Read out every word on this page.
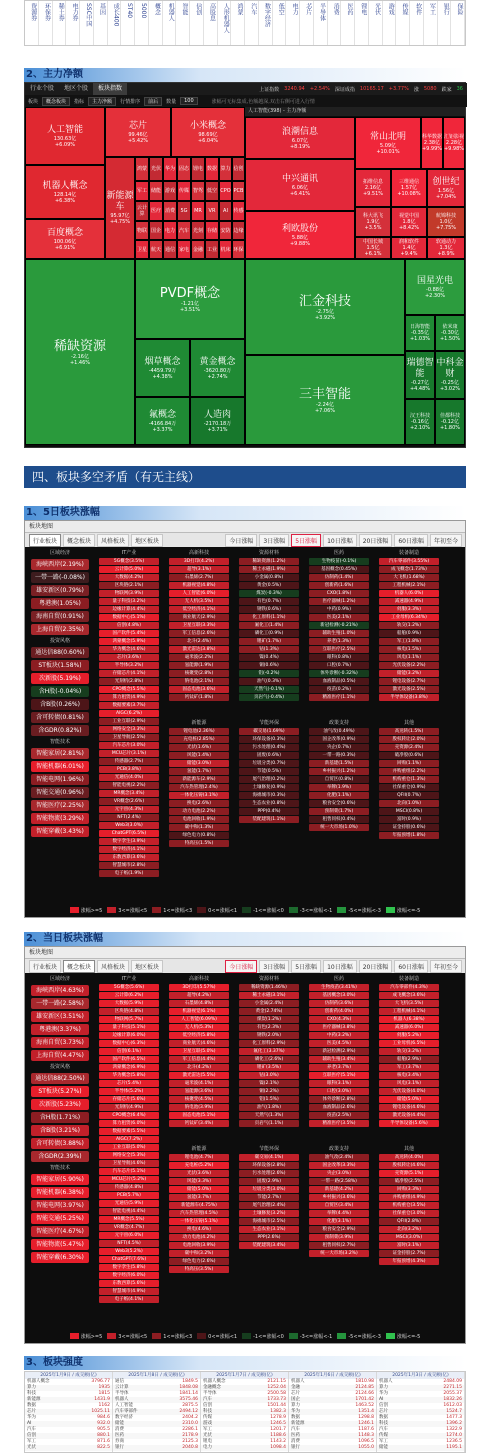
资源券	环保券	稀土券	电力券	SSC中国	基因	成长400	ST40	5000	概念	机器人	智能	信创	高股息	人形机器人	鸿蒙	汽车	数字经济	低空	电力	芯片	半导体	消费	医药	锂电	光伏	游戏	传媒	软件	军工	银行	保险
2、主力净额
行业个股	地区个股	板块指数	上证指数 3240.94 +2.54% 深证成指 10165.17 +3.77% 涨 5080 跌家 36
板块	概念板块	指标	主力净额	行情排序	前后	数量	100	涨幅可无标集成,色额越深,双击右侧可进入行情
人工智能(398) - 主力净额
人工智能
130.63亿
+6.09%
芯片
99.46亿
+5.42%
小米概念
98.69亿
+6.04%
机器人概念
128.14亿
+6.38%
百度概念
100.06亿
+6.91%
新能源车
95.97亿
+4.75%
浪潮信息
6.07亿
+8.19%
常山北明
5.09亿
+10.01%
科华数据
2.38亿
+9.99%
汇钜影视
2.28亿
+9.98%
中兴通讯
6.06亿
+6.41%
拓维信息
2.16亿
+9.51%
三维通信
1.57亿
+10.08%
创世纪
1.56亿
+7.04%
利欧股份
5.88亿
+9.88%
科大讯飞
1.9亿
+3.5%
视觉中国
1.8亿
+8.42%
航锦科技
1.0亿
+7.75%
中国长城
1.5亿
+6.1%
润和软件
1.4亿
+9.4%
软通动力
1.3亿
+8.9%
稀缺资源
-2.16亿
+1.46%
PVDF概念
-1.21亿
+3.51%
烟草概念
-4459.79万
+4.38%
黄金概念
-3620.80万
+2.74%
氟概念
-4166.84万
+3.37%
人造肉
-2170.18万
+3.71%
汇金科技
-2.75亿
+3.92%
三丰智能
-2.24亿
+7.06%
国星光电
-0.88亿
+2.30%
日海智能
-0.35亿
+1.03%
依米康
-0.30亿
+1.50%
瑞德智能
-0.27亿
+4.48%
中科金财
-0.25亿
+3.02%
汉王科技
-0.16亿
+2.10%
佳都科技
-0.12亿
+1.80%
鸿蒙 光伏 华为 固态 锂电 数据 算力 信创
军工 储能 游戏 传媒 智驾 低空 CPO PCB
云计算	医疗 消费 5G MR VR AI 传感
物联 国企 电力 汽车 光刻 存储 安防 边缘
卫星 航天 通信 家电 金融 工业 机床 环保
四、板块多空矛盾（有无主线）
1、5日板块涨幅
板块地图
行业板块	概念板块	风格板块	地区板块	今日涨幅	3日涨幅	5日涨幅	10日涨幅	20日涨幅	60日涨幅	年初至今
区域经济
海峡西岸(2.19%)
一带一路(-0.08%)
雄安新区(0.79%)
粤港澳(1.05%)
海南自贸(0.91%)
上海自贸(2.35%)
投资风格
通达信88(0.60%)
ST板块(1.58%)
次新股(5.19%)
含H股(-0.04%)
含B股(0.26%)
含可转债(0.81%)
含GDR(0.82%)
智能技术
智能家居(2.81%)
智能机器(6.01%)
智能电网(1.96%)
智能交通(0.96%)
智能医疗(2.25%)
智能物流(3.29%)
智能穿戴(3.43%)
IT产业
5G概念(3.5%)
云计算(5.0%)
大数据(4.2%)
区块链(2.1%)
物联网(3.9%)
量子科技(3.2%)
边缘计算(4.4%)
数据中心(5.1%)
信创(4.8%)
国产软件(5.4%)
鸿蒙概念(5.9%)
华为概念(4.6%)
芯片(3.6%)
半导体(3.2%)
存储芯片(4.1%)
光刻机(2.8%)
CPO概念(5.5%)
算力租赁(4.9%)
数据要素(3.7%)
AIGC(6.2%)
工业互联(2.9%)
网络安全(3.3%)
卫星导航(2.5%)
汽车芯片(3.0%)
MCU芯片(3.1%)
传感器(2.7%)
PCB(3.8%)
光通信(4.0%)
智能电视(2.2%)
MR概念(3.4%)
VR概念(2.6%)
元宇宙(4.3%)
NFT(2.4%)
Web3(3.0%)
ChatGPT(6.5%)
数字孪生(3.9%)
数字经济(4.1%)
东数西算(3.6%)
智慧城市(2.8%)
电子纸(1.9%)
高新科技
3D打印(4.2%)
超导(3.1%)
石墨烯(2.7%)
机器视觉(4.8%)
人工智能(6.0%)
无人机(3.5%)
低空经济(4.1%)
商业航天(2.9%)
卫星互联(3.3%)
军工信息(2.6%)
北斗(2.4%)
激光雷达(3.8%)
毫米波(2.2%)
氢能源(1.9%)
核聚变(2.8%)
钠电池(2.1%)
固态电池(3.6%)
钙钛矿(1.8%)
新能源
锂电池(2.36%)
充电桩(2.85%)
光伏(1.6%)
风能(1.4%)
储能(3.0%)
氢能(1.7%)
新能源车(2.9%)
汽车热管理(2.4%)
一体化压铸(3.1%)
换电(2.6%)
动力电池(2.2%)
电池回收(1.9%)
碳中和(1.3%)
绿色电力(0.8%)
特高压(1.5%)
资源材料
稀缺资源(1.2%)
稀土永磁(1.9%)
小金属(0.8%)
黄金(0.5%)
煤炭(-0.3%)
有色(0.7%)
钢铁(0.6%)
化工原料(1.1%)
氟化工(1.4%)
磷化工(0.9%)
锂矿(1.7%)
钴(1.3%)
镍(0.4%)
铜(0.6%)
铝(-0.2%)
油气(0.3%)
天然气(-0.1%)
页岩气(-0.4%)
节能环保
碳交易(1.69%)
环保设备(0.3%)
污水处理(0.4%)
固废(0.6%)
垃圾分类(0.7%)
节能(0.5%)
尾气治理(0.2%)
土壤修复(0.9%)
海绵城市(0.3%)
生态农业(0.8%)
PPP(0.4%)
装配建筑(1.1%)
医药
生物疫苗(-0.1%)
基因概念(0.45%)
仿制药(1.4%)
创新药(1.6%)
CXO(1.8%)
医疗器械(1.2%)
中药(0.9%)
医美(2.1%)
新冠检测(-0.21%)
辅助生殖(1.0%)
养老(1.3%)
互联医疗(2.5%)
眼科(0.8%)
口腔(0.7%)
体外诊断(-0.32%)
血液制品(0.5%)
疫苗(0.2%)
精准医疗(1.1%)
政策支持
油气改(0.49%)
国企改革(0.9%)
央企(0.7%)
一带一路(0.3%)
新基建(1.5%)
乡村振兴(1.2%)
自贸区(0.8%)
举牌(1.9%)
化肥(1.1%)
粮食安全(0.6%)
预制菜(1.7%)
租售同权(0.4%)
统一大市场(1.0%)
装备制造
汽车零部件(3.55%)
成飞概念(1.73%)
大飞机(1.68%)
工程机械(2.1%)
机器人(6.0%)
减速器(4.9%)
伺服(3.3%)
工业母机(6.34%)
轨交(1.2%)
船舶(0.9%)
军工(1.8%)
核电(1.5%)
风电(1.1%)
光伏设备(2.2%)
储能(3.2%)
锂电设备(2.7%)
激光设备(2.5%)
半导体设备(3.8%)
其他
高送转(1.5%)
股权转让(2.0%)
壳资源(2.4%)
破净股(0.6%)
回购(1.1%)
并购重组(2.2%)
机构重仓(1.3%)
社保重仓(0.9%)
QFII(0.7%)
北向(1.0%)
MSCI(0.8%)
富时(0.9%)
证金持股(0.6%)
年报预增(1.8%)
涨幅>=5	3<=涨幅<5	1<=涨幅<3	0<=涨幅<1	-1<=涨幅<0	-3<=涨幅<-1	-5<=涨幅<-3	涨幅<=-5
2、当日板块涨幅
板块地图
行业板块	概念板块	风格板块	地区板块	今日涨幅	3日涨幅	5日涨幅	10日涨幅	20日涨幅	60日涨幅	年初至今
区域经济
海峡西岸(4.63%)
一带一路(2.58%)
雄安新区(3.51%)
粤港澳(3.37%)
海南自贸(3.73%)
上海自贸(4.47%)
投资风格
通达信88(2.50%)
ST板块(5.27%)
次新股(5.23%)
含H股(1.71%)
含B股(3.21%)
含可转债(3.88%)
含GDR(2.39%)
智能技术
智能家居(5.90%)
智能机器(6.38%)
智能电网(3.97%)
智能交通(5.25%)
智能医疗(4.67%)
智能物流(5.47%)
智能穿戴(6.30%)
IT产业
5G概念(5.6%)
云计算(6.2%)
大数据(5.9%)
区块链(4.8%)
物联网(5.7%)
量子科技(5.1%)
边缘计算(6.0%)
数据中心(6.3%)
信创(6.1%)
国产软件(6.5%)
鸿蒙概念(6.9%)
华为概念(5.8%)
芯片(5.4%)
半导体(5.2%)
存储芯片(5.6%)
光刻机(4.9%)
CPO概念(6.4%)
算力租赁(6.0%)
数据要素(5.5%)
AIGC(7.2%)
工业互联(5.0%)
网络安全(5.3%)
卫星导航(4.6%)
汽车芯片(5.1%)
MCU芯片(5.2%)
传感器(4.8%)
PCB(5.7%)
光通信(5.9%)
智能电视(4.4%)
MR概念(5.5%)
VR概念(4.7%)
元宇宙(6.0%)
NFT(4.5%)
Web3(5.2%)
ChatGPT(7.6%)
数字孪生(5.8%)
数字经济(6.0%)
东数西算(5.6%)
智慧城市(4.9%)
电子纸(4.1%)
高新科技
3D打印(5.57%)
超导(4.2%)
石墨烯(4.8%)
机器视觉(6.1%)
人工智能(6.09%)
无人机(5.3%)
低空经济(5.8%)
商业航天(4.6%)
卫星互联(5.0%)
军工信息(4.4%)
北斗(4.2%)
激光雷达(5.5%)
毫米波(4.1%)
氢能源(3.6%)
核聚变(4.5%)
钠电池(3.9%)
固态电池(5.1%)
钙钛矿(3.4%)
新能源
锂电池(4.7%)
充电桩(5.2%)
光伏(3.6%)
风能(3.3%)
储能(5.0%)
氢能(3.7%)
新能源车(4.75%)
汽车热管理(4.5%)
一体化压铸(5.1%)
换电(4.6%)
动力电池(4.2%)
电池回收(3.9%)
碳中和(3.2%)
绿色电力(2.6%)
特高压(3.5%)
资源材料
稀缺资源(1.46%)
稀土永磁(3.1%)
小金属(2.4%)
黄金(2.74%)
煤炭(1.2%)
有色(2.3%)
钢铁(2.0%)
化工原料(2.9%)
氟化工(3.37%)
磷化工(2.6%)
锂矿(3.5%)
钴(3.0%)
镍(2.1%)
铜(2.2%)
铝(1.5%)
油气(1.8%)
天然气(1.3%)
页岩气(1.1%)
节能环保
碳交易(4.1%)
环保设备(2.8%)
污水处理(2.6%)
固废(2.9%)
垃圾分类(3.0%)
节能(2.7%)
尾气治理(2.4%)
土壤修复(3.2%)
海绵城市(2.5%)
生态农业(3.1%)
PPP(2.6%)
装配建筑(3.4%)
医药
生物疫苗(3.41%)
基因概念(3.0%)
仿制药(3.6%)
创新药(4.0%)
CXO(4.3%)
医疗器械(3.8%)
中药(3.2%)
医美(4.5%)
新冠检测(2.9%)
辅助生殖(3.4%)
养老(3.7%)
互联医疗(5.1%)
眼科(3.1%)
口腔(3.0%)
体外诊断(2.8%)
血液制品(2.6%)
疫苗(2.5%)
精准医疗(3.5%)
政策支持
油气改(2.4%)
国企改革(3.3%)
央企(3.0%)
一带一路(2.58%)
新基建(4.2%)
乡村振兴(3.6%)
自贸区(3.4%)
举牌(4.4%)
化肥(3.1%)
粮食安全(2.9%)
预制菜(3.9%)
租售同权(2.7%)
统一大市场(3.2%)
装备制造
汽车零部件(4.3%)
成飞概念(3.6%)
大飞机(3.5%)
工程机械(4.1%)
机器人(6.38%)
减速器(6.0%)
伺服(5.2%)
工业母机(6.5%)
轨交(3.2%)
船舶(2.9%)
军工(3.7%)
核电(3.4%)
风电(3.1%)
光伏设备(4.0%)
储能(5.0%)
锂电设备(4.6%)
激光设备(4.4%)
半导体设备(5.6%)
其他
高送转(4.0%)
股权转让(4.6%)
壳资源(5.1%)
破净股(2.5%)
回购(3.3%)
并购重组(4.9%)
机构重仓(3.5%)
社保重仓(3.0%)
QFII(2.8%)
北向(3.2%)
MSCI(3.0%)
富时(3.1%)
证金持股(2.7%)
年报预增(4.3%)
涨幅>=5	3<=涨幅<5	1<=涨幅<3	0<=涨幅<1	-1<=涨幅<0	-3<=涨幅<-1	-5<=涨幅<-3	涨幅<=-5
3、板块强度
2025年1月9日 / 成交额(亿)
机器人概念	3796.77
算力	1935
科技	1815
新能源	1431.9
数据	1162
芯片	1025.11
华为	984.6
AI	932.0
汽车	905.5
信创	880.1
军工	871.6
光伏	822.5
2025年1月8日 / 成交额(亿)
通信	1849.5
云计算	1848.08
半导体	1841.14
机器人	3575.46
人工智能	2875.5
汽车零部件	2494.12
数字经济	2404.2
储能	2310.0
消费	2286.1
医药	2178.9
券商	2125.3
银行	2040.8
2025年1月7日 / 成交额(亿)
机器人概念	2121.15
金融概念	1252.04
半导体	2500.58
汽车	1733.73
信创	1501.44
科技	1382.3
传媒	1278.9
游戏	1246.5
军工	1201.7
光伏	1188.6
锂电	1143.2
电力	1098.4
2025年1月6日 / 成交额(亿)
机器人	1810.98
金融	2124.85
芯片	2124.66
国企	1701.42
算力	1463.52
华为	1351.4
数据	1298.8
新能源	1246.1
汽车	1187.6
医药	1148.3
消费	1096.5
银行	1055.0
2025年1月3日 / 成交额(亿)
机器人	2484.09
算力	2271.15
华为	2055.37
AI	1832.26
信创	1612.03
芯片	1524.7
数据	1477.3
科技	1396.2
汽车	1322.9
传媒	1274.0
军工	1236.5
储能	1195.1
